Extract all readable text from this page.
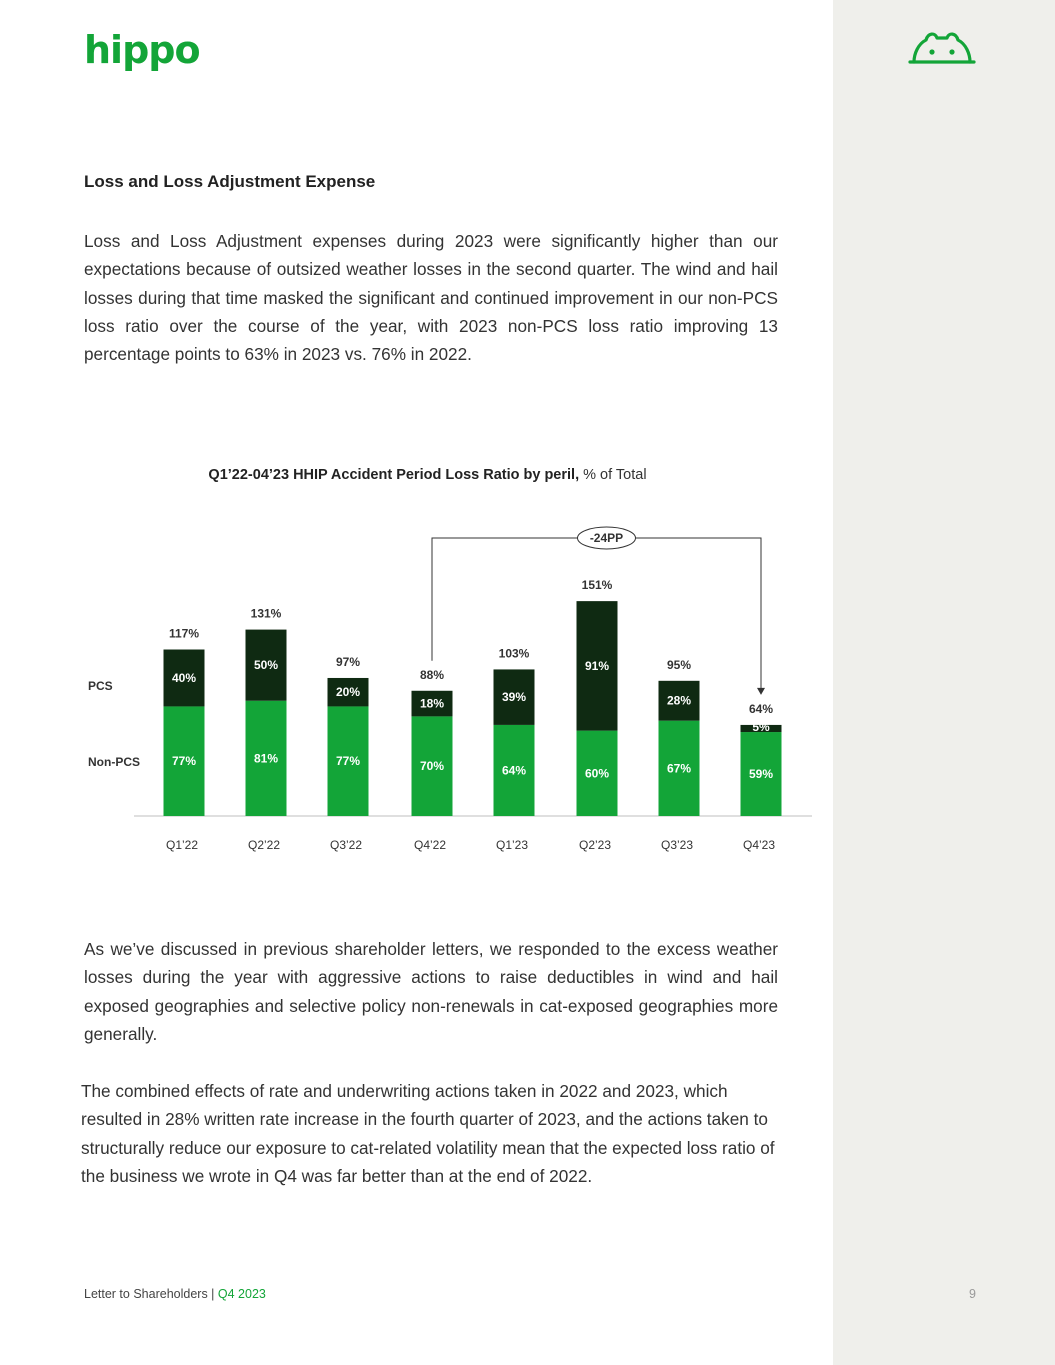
hippo
Loss and Loss Adjustment Expense

Loss and Loss Adjustment expenses during 2023 were significantly higher than our expectations because of outsized weather losses in the second quarter. The wind and hail losses during that time masked the significant and continued improvement in our non-PCS loss ratio over the course of the year, with 2023 non-PCS loss ratio improving 13 percentage points to 63% in 2023 vs. 76% in 2022.

Q1’22-04’23 HHIP Accident Period Loss Ratio by peril, % of Total
PCS
Non-PCS	77%
40%
117%
Q1’22
81%
50%
131%
Q2’22
77%
20%
97%
Q3’22
70%
18%
88%
Q4’22
64%
39%
103%
Q1’23
60%
91%
151%
Q2’23
67%
28%
95%
Q3’23
59%
5%
64%
Q4’23
-24PP

As we’ve discussed in previous shareholder letters, we responded to the excess weather losses during the year with aggressive actions to raise deductibles in wind and hail exposed geographies and selective policy non-renewals in cat-exposed geographies more generally.

The combined effects of rate and underwriting actions taken in 2022 and 2023, which resulted in 28% written rate increase in the fourth quarter of 2023, and the actions taken to structurally reduce our exposure to cat-related volatility mean that the expected loss ratio of the business we wrote in Q4 was far better than at the end of 2022.

Letter to Shareholders | Q4 2023	9
